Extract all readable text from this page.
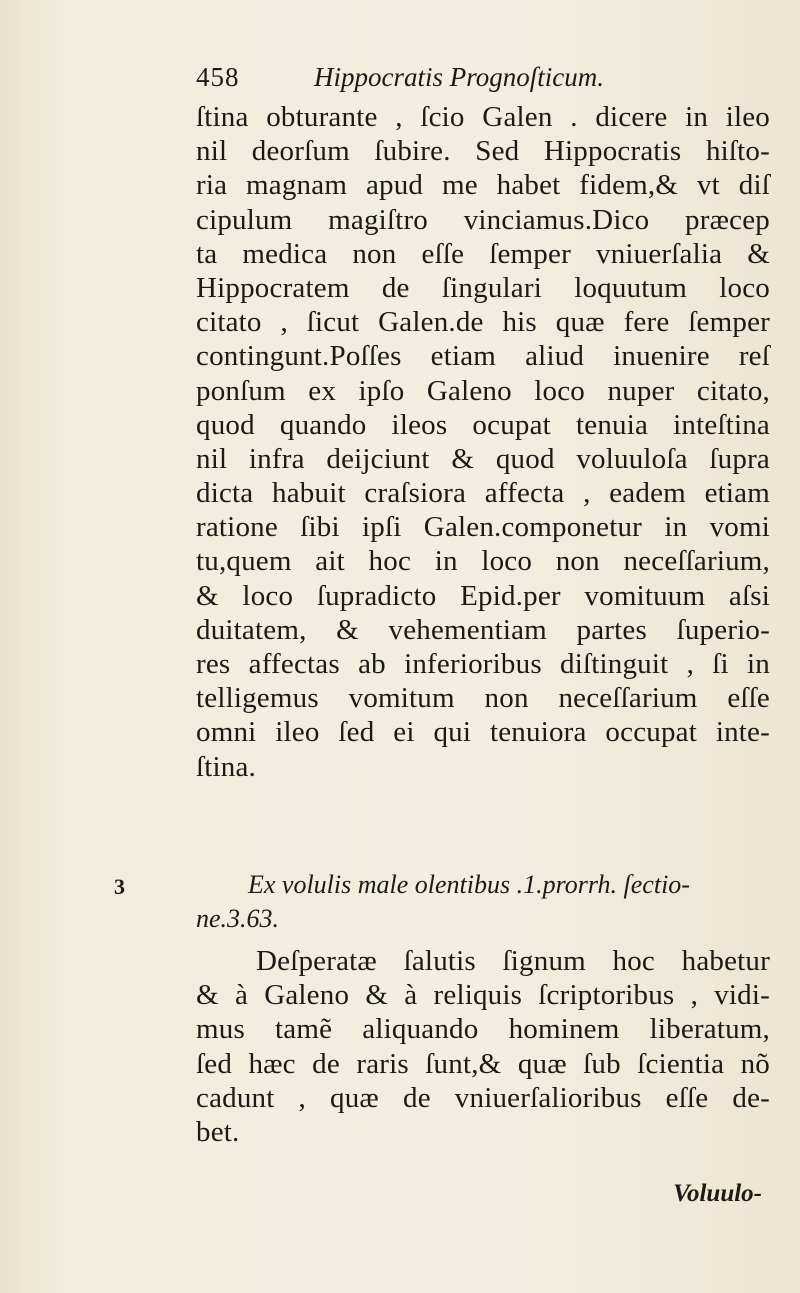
458	Hippocratis Prognoſticum.
ſtina obturante , ſcio Galen . dicere in ileo
nil deorſum ſubire. Sed Hippocratis hiſto-
ria magnam apud me habet fidem,& vt diſ
cipulum magiſtro vinciamus.Dico præcep
ta medica non eſſe ſemper vniuerſalia &
Hippocratem de ſingulari loquutum loco
citato , ſicut Galen.de his quæ fere ſemper
contingunt.Poſſes etiam aliud inuenire reſ
ponſum ex ipſo Galeno loco nuper citato,
quod quando ileos ocupat tenuia inteſtina
nil infra deijciunt & quod voluuloſa ſupra
dicta habuit craſsiora affecta , eadem etiam
ratione ſibi ipſi Galen.componetur in vomi
tu,quem ait hoc in loco non neceſſarium,
& loco ſupradicto Epid.per vomituum aſsi
duitatem, & vehementiam partes ſuperio-
res affectas ab inferioribus diſtinguit , ſi in
telligemus vomitum non neceſſarium eſſe
omni ileo ſed ei qui tenuiora occupat inte-
ſtina.
3	Ex volulis male olentibus .1.prorrh. ſectio-
ne.3.63.
Deſperatæ ſalutis ſignum hoc habetur
& à Galeno & à reliquis ſcriptoribus , vidi-
mus tamẽ aliquando hominem liberatum,
ſed hæc de raris ſunt,& quæ ſub ſcientia nõ
cadunt , quæ de vniuerſalioribus eſſe de-
bet.
Voluulo-
